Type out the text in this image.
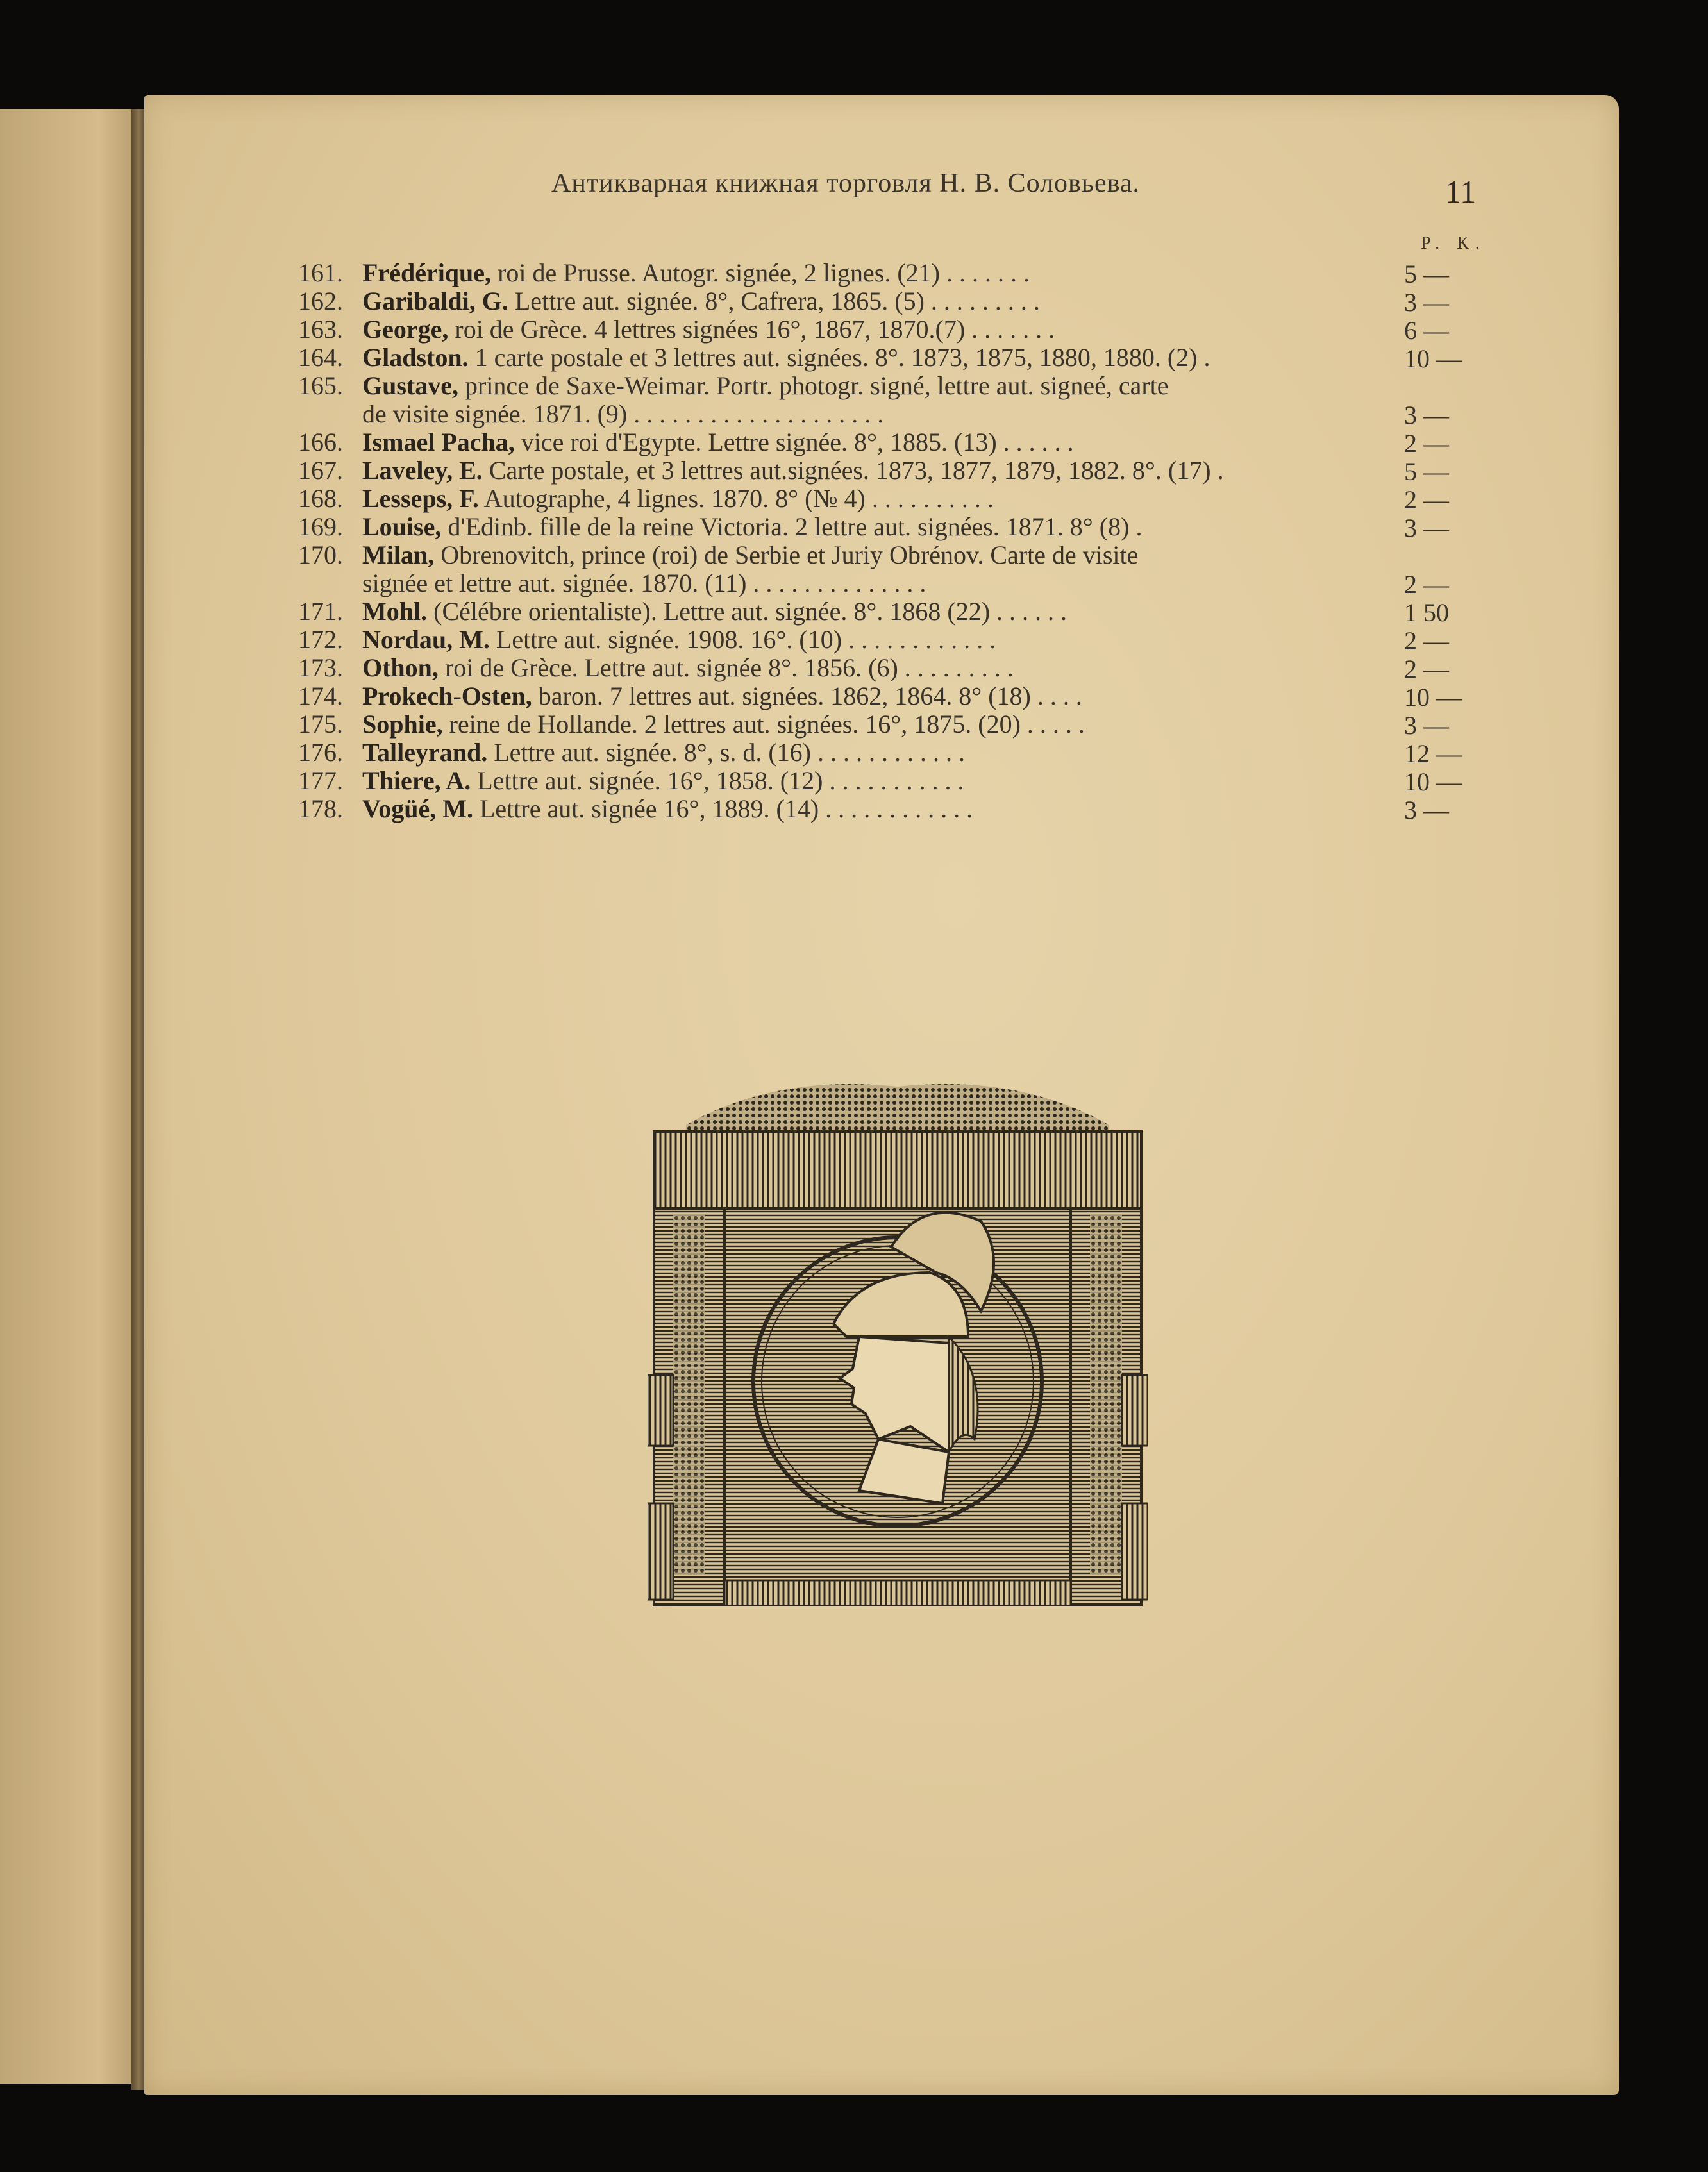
Антикварная книжная торговля Н. В. Соловьева.	11
Р. К.
161. Frédérique, roi de Prusse. Autogr. signée, 2 lignes. (21) . . . . . . .
162. Garibaldi, G. Lettre aut. signée. 8°, Cafrera, 1865. (5) . . . . . . . . .
163. George, roi de Grèce. 4 lettres signées 16°, 1867, 1870.(7) . . . . . . .
164. Gladston. 1 carte postale et 3 lettres aut. signées. 8°. 1873, 1875, 1880, 1880. (2) .
165. Gustave, prince de Saxe-Weimar. Portr. photogr. signé, lettre aut. signeé, carte
de visite signée. 1871. (9) . . . . . . . . . . . . . . . . . . . .
166. Ismael Pacha, vice roi d'Egypte. Lettre signée. 8°, 1885. (13) . . . . . .
167. Laveley, E. Carte postale, et 3 lettres aut.signées. 1873, 1877, 1879, 1882. 8°. (17) .
168. Lesseps, F. Autographe, 4 lignes. 1870. 8° (№ 4) . . . . . . . . . .
169. Louise, d'Edinb. fille de la reine Victoria. 2 lettre aut. signées. 1871. 8° (8) .
170. Milan, Obrenovitch, prince (roi) de Serbie et Juriy Obrénov. Carte de visite
signée et lettre aut. signée. 1870. (11) . . . . . . . . . . . . . .
171. Mohl. (Célébre orientaliste). Lettre aut. signée. 8°. 1868 (22) . . . . . .
172. Nordau, M. Lettre aut. signée. 1908. 16°. (10) . . . . . . . . . . . .
173. Othon, roi de Grèce. Lettre aut. signée 8°. 1856. (6) . . . . . . . . .
174. Prokech-Osten, baron. 7 lettres aut. signées. 1862, 1864. 8° (18) . . . .
175. Sophie, reine de Hollande. 2 lettres aut. signées. 16°, 1875. (20) . . . . .
176. Talleyrand. Lettre aut. signée. 8°, s. d. (16) . . . . . . . . . . . .
177. Thiere, A. Lettre aut. signée. 16°, 1858. (12) . . . . . . . . . . .
178. Vogüé, M. Lettre aut. signée 16°, 1889. (14) . . . . . . . . . . . .
5 —
3 —
6 —
10 —
3 —
2 —
5 —
2 —
3 —
2 —
1 50
2 —
2 —
10 —
3 —
12 —
10 —
3 —
